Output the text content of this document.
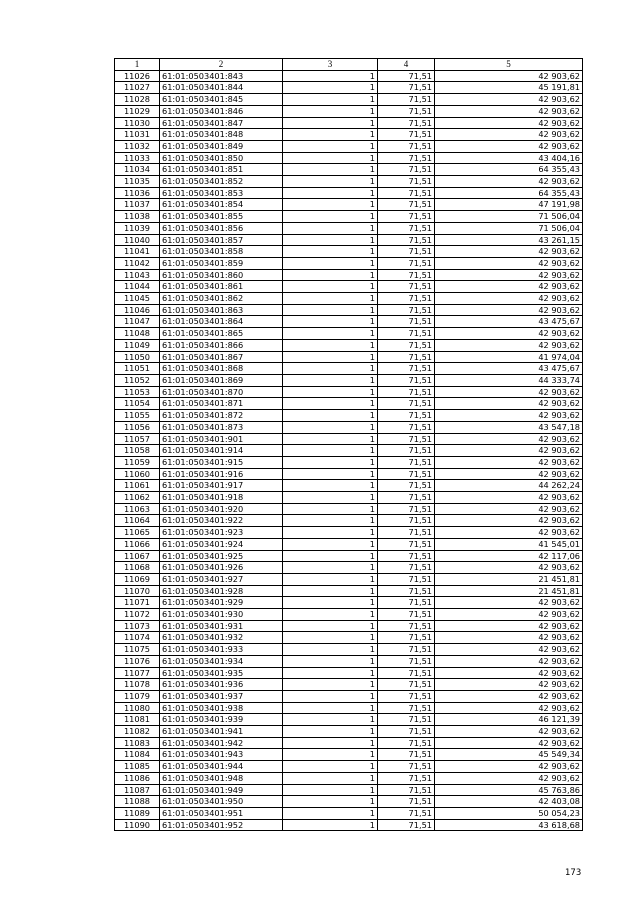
1	2	3	4	5
11026	61:01:0503401:843	1	71,51	42 903,62
11027	61:01:0503401:844	1	71,51	45 191,81
11028	61:01:0503401:845	1	71,51	42 903,62
11029	61:01:0503401:846	1	71,51	42 903,62
11030	61:01:0503401:847	1	71,51	42 903,62
11031	61:01:0503401:848	1	71,51	42 903,62
11032	61:01:0503401:849	1	71,51	42 903,62
11033	61:01:0503401:850	1	71,51	43 404,16
11034	61:01:0503401:851	1	71,51	64 355,43
11035	61:01:0503401:852	1	71,51	42 903,62
11036	61:01:0503401:853	1	71,51	64 355,43
11037	61:01:0503401:854	1	71,51	47 191,98
11038	61:01:0503401:855	1	71,51	71 506,04
11039	61:01:0503401:856	1	71,51	71 506,04
11040	61:01:0503401:857	1	71,51	43 261,15
11041	61:01:0503401:858	1	71,51	42 903,62
11042	61:01:0503401:859	1	71,51	42 903,62
11043	61:01:0503401:860	1	71,51	42 903,62
11044	61:01:0503401:861	1	71,51	42 903,62
11045	61:01:0503401:862	1	71,51	42 903,62
11046	61:01:0503401:863	1	71,51	42 903,62
11047	61:01:0503401:864	1	71,51	43 475,67
11048	61:01:0503401:865	1	71,51	42 903,62
11049	61:01:0503401:866	1	71,51	42 903,62
11050	61:01:0503401:867	1	71,51	41 974,04
11051	61:01:0503401:868	1	71,51	43 475,67
11052	61:01:0503401:869	1	71,51	44 333,74
11053	61:01:0503401:870	1	71,51	42 903,62
11054	61:01:0503401:871	1	71,51	42 903,62
11055	61:01:0503401:872	1	71,51	42 903,62
11056	61:01:0503401:873	1	71,51	43 547,18
11057	61:01:0503401:901	1	71,51	42 903,62
11058	61:01:0503401:914	1	71,51	42 903,62
11059	61:01:0503401:915	1	71,51	42 903,62
11060	61:01:0503401:916	1	71,51	42 903,62
11061	61:01:0503401:917	1	71,51	44 262,24
11062	61:01:0503401:918	1	71,51	42 903,62
11063	61:01:0503401:920	1	71,51	42 903,62
11064	61:01:0503401:922	1	71,51	42 903,62
11065	61:01:0503401:923	1	71,51	42 903,62
11066	61:01:0503401:924	1	71,51	41 545,01
11067	61:01:0503401:925	1	71,51	42 117,06
11068	61:01:0503401:926	1	71,51	42 903,62
11069	61:01:0503401:927	1	71,51	21 451,81
11070	61:01:0503401:928	1	71,51	21 451,81
11071	61:01:0503401:929	1	71,51	42 903,62
11072	61:01:0503401:930	1	71,51	42 903,62
11073	61:01:0503401:931	1	71,51	42 903,62
11074	61:01:0503401:932	1	71,51	42 903,62
11075	61:01:0503401:933	1	71,51	42 903,62
11076	61:01:0503401:934	1	71,51	42 903,62
11077	61:01:0503401:935	1	71,51	42 903,62
11078	61:01:0503401:936	1	71,51	42 903,62
11079	61:01:0503401:937	1	71,51	42 903,62
11080	61:01:0503401:938	1	71,51	42 903,62
11081	61:01:0503401:939	1	71,51	46 121,39
11082	61:01:0503401:941	1	71,51	42 903,62
11083	61:01:0503401:942	1	71,51	42 903,62
11084	61:01:0503401:943	1	71,51	45 549,34
11085	61:01:0503401:944	1	71,51	42 903,62
11086	61:01:0503401:948	1	71,51	42 903,62
11087	61:01:0503401:949	1	71,51	45 763,86
11088	61:01:0503401:950	1	71,51	42 403,08
11089	61:01:0503401:951	1	71,51	50 054,23
11090	61:01:0503401:952	1	71,51	43 618,68
173
